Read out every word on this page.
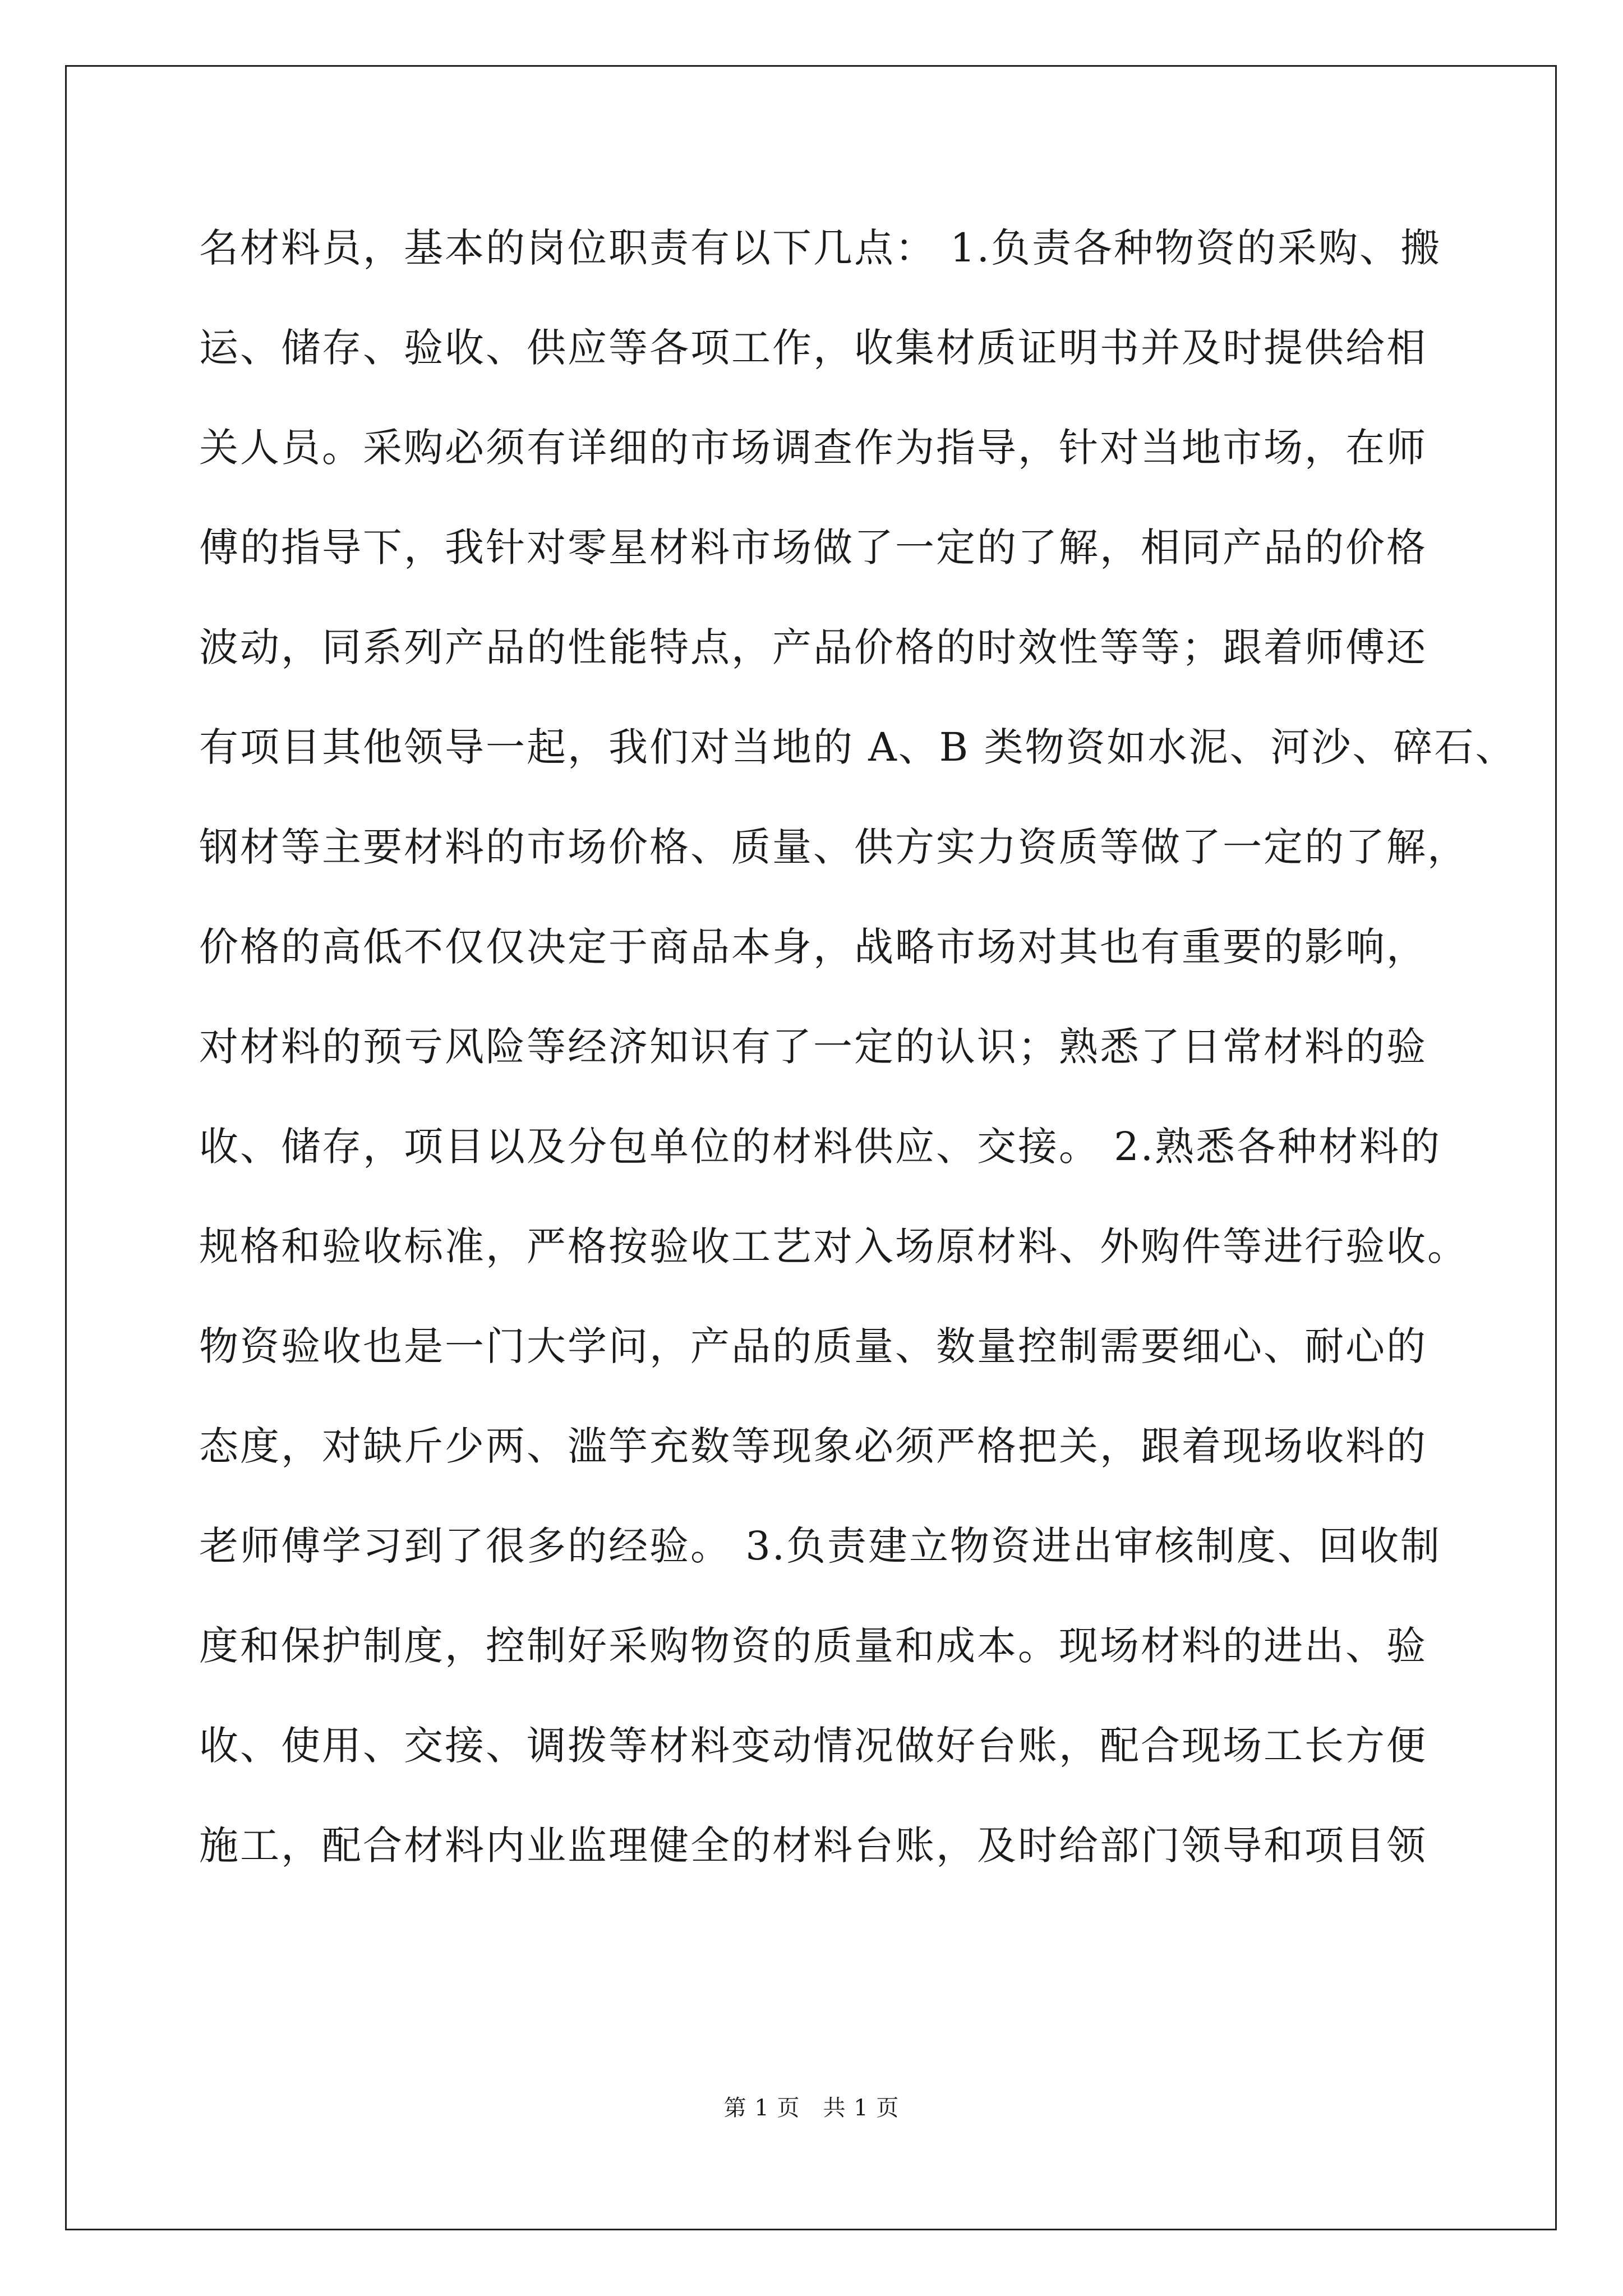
名材料员，基本的岗位职责有以下几点： 1.负责各种物资的采购、搬
运、储存、验收、供应等各项工作，收集材质证明书并及时提供给相
关人员。采购必须有详细的市场调查作为指导，针对当地市场，在师
傅的指导下，我针对零星材料市场做了一定的了解，相同产品的价格
波动，同系列产品的性能特点，产品价格的时效性等等；跟着师傅还
有项目其他领导一起，我们对当地的 A、B 类物资如水泥、河沙、碎石、
钢材等主要材料的市场价格、质量、供方实力资质等做了一定的了解，
价格的高低不仅仅决定于商品本身，战略市场对其也有重要的影响，
对材料的预亏风险等经济知识有了一定的认识；熟悉了日常材料的验
收、储存，项目以及分包单位的材料供应、交接。 2.熟悉各种材料的
规格和验收标准，严格按验收工艺对入场原材料、外购件等进行验收。
物资验收也是一门大学问，产品的质量、数量控制需要细心、耐心的
态度，对缺斤少两、滥竽充数等现象必须严格把关，跟着现场收料的
老师傅学习到了很多的经验。 3.负责建立物资进出审核制度、回收制
度和保护制度，控制好采购物资的质量和成本。现场材料的进出、验
收、使用、交接、调拨等材料变动情况做好台账，配合现场工长方便
施工，配合材料内业监理健全的材料台账，及时给部门领导和项目领
第 1 页　共 1 页
